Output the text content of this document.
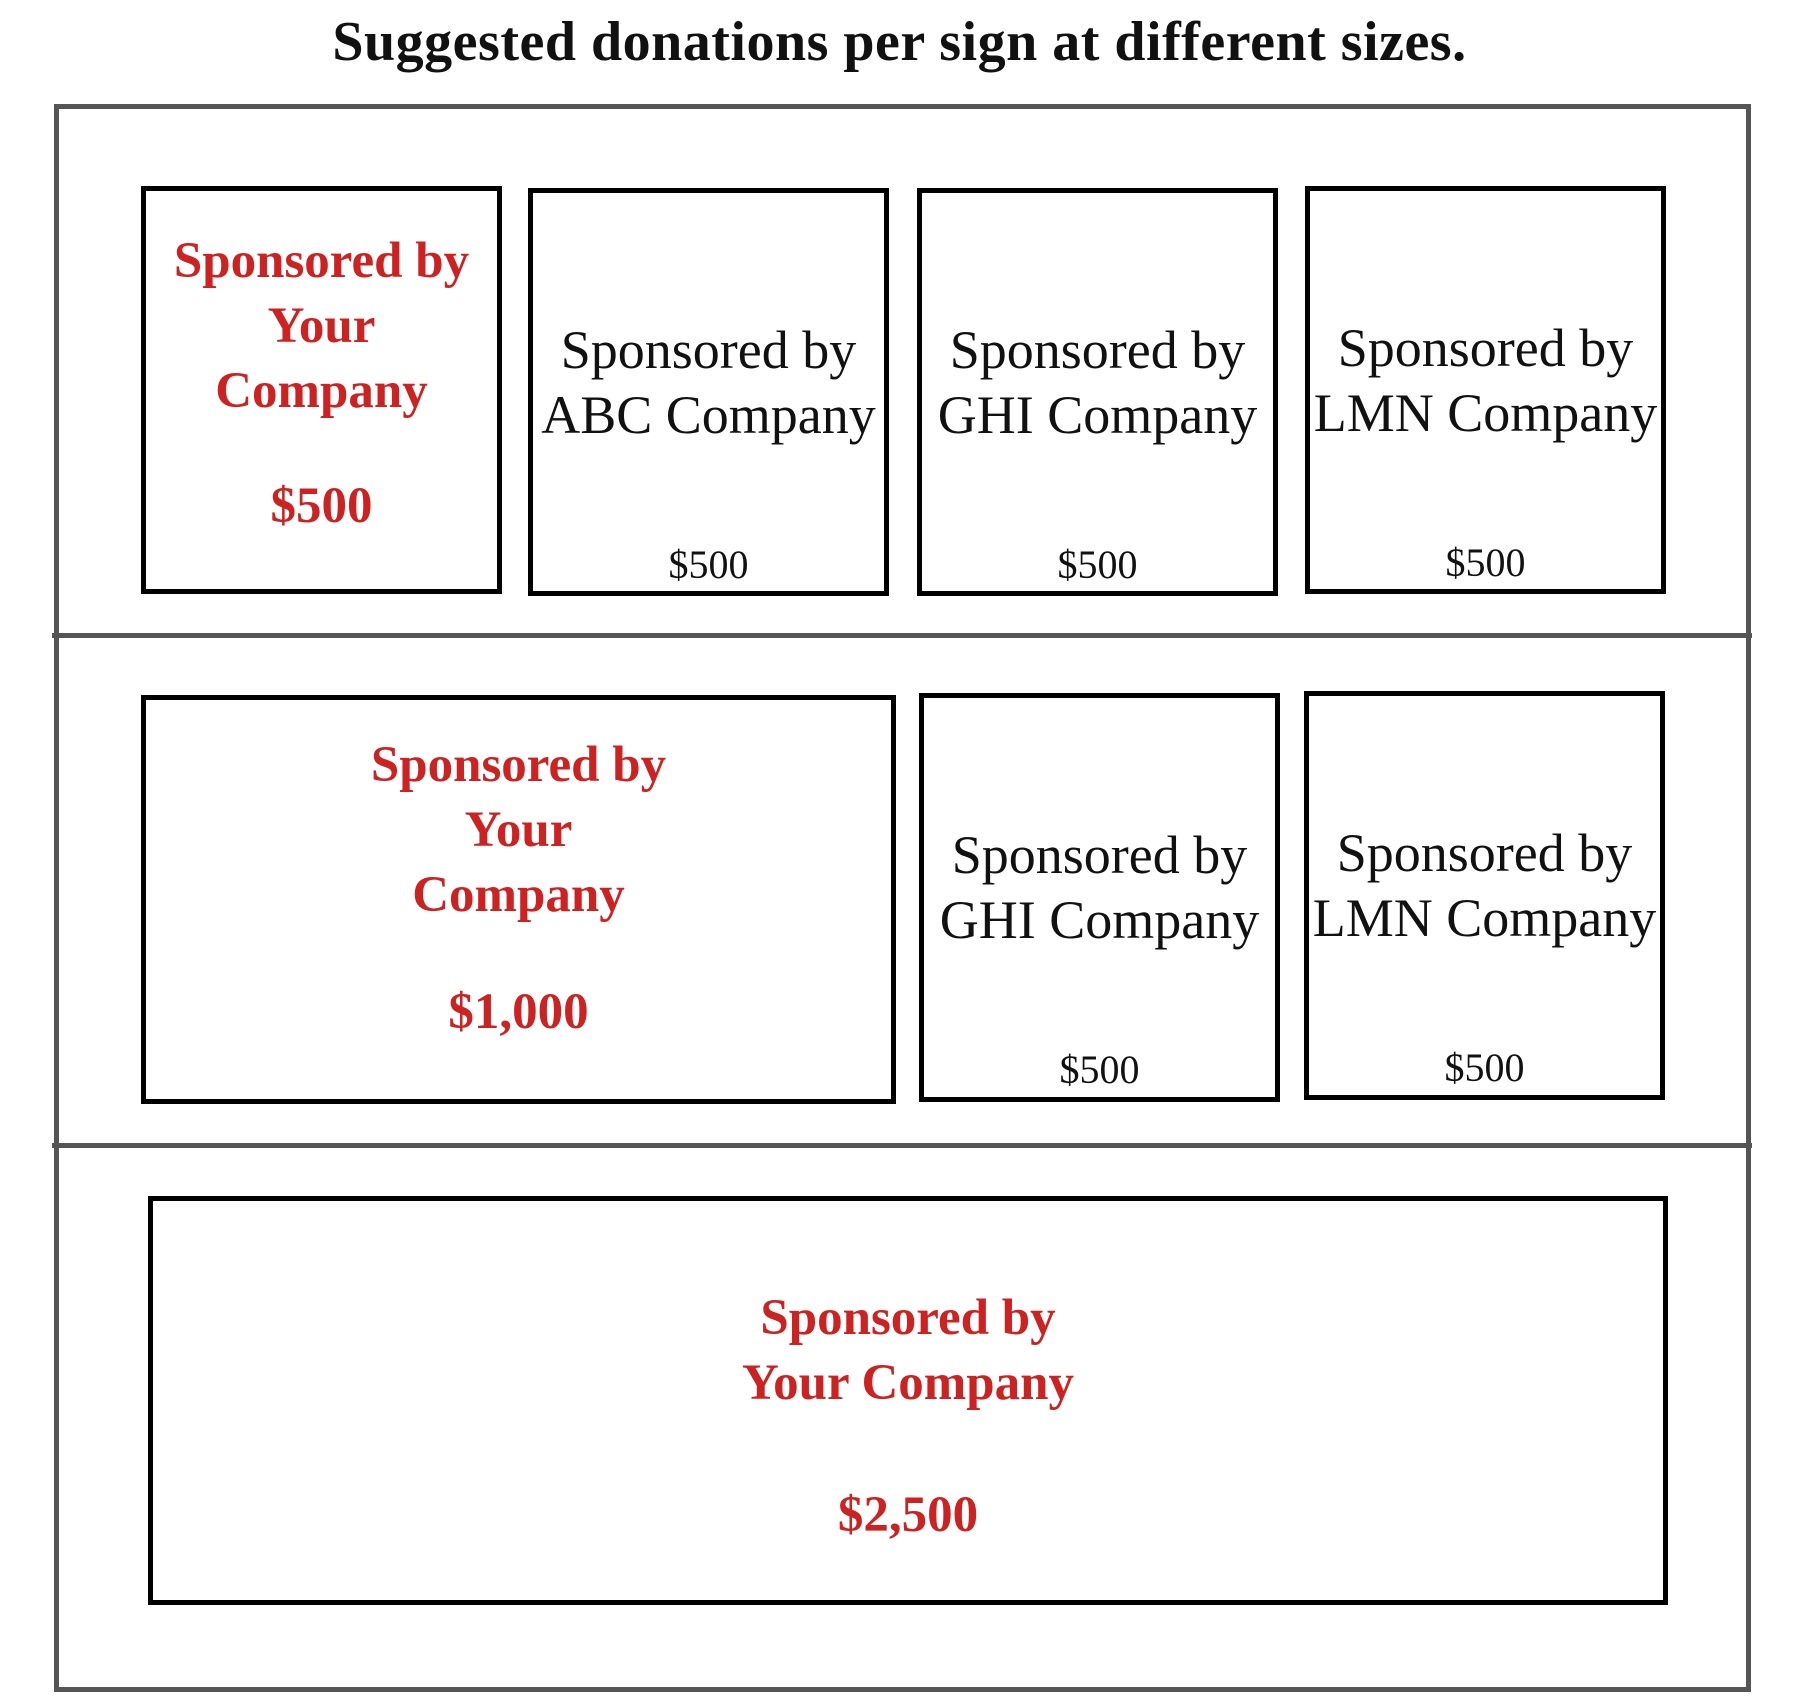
Suggested donations per sign at different sizes.
Sponsored by
Your
Company
$500
Sponsored by
ABC Company
$500
Sponsored by
GHI Company
$500
Sponsored by
LMN Company
$500
Sponsored by
Your
Company
$1,000
Sponsored by
GHI Company
$500
Sponsored by
LMN Company
$500
Sponsored by
Your Company
$2,500
